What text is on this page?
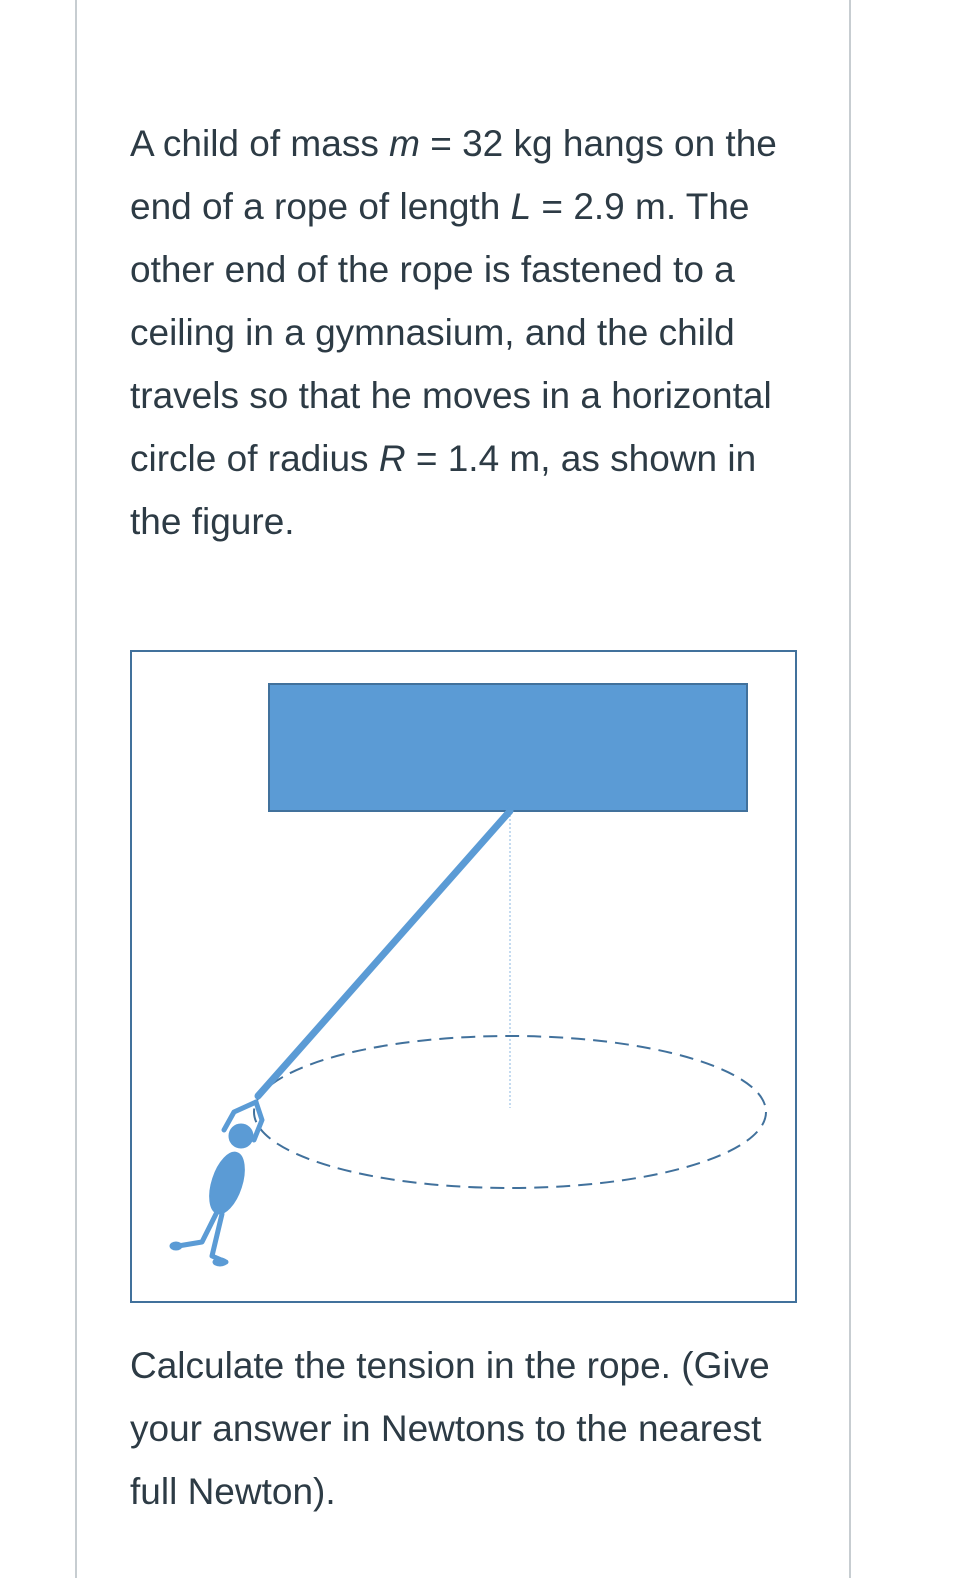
A child of mass m = 32 kg hangs on the end of a rope of length L = 2.9 m. The other end of the rope is fastened to a ceiling in a gymnasium, and the child travels so that he moves in a horizontal circle of radius R = 1.4 m, as shown in the figure.

Calculate the tension in the rope. (Give your answer in Newtons to the nearest full Newton).
